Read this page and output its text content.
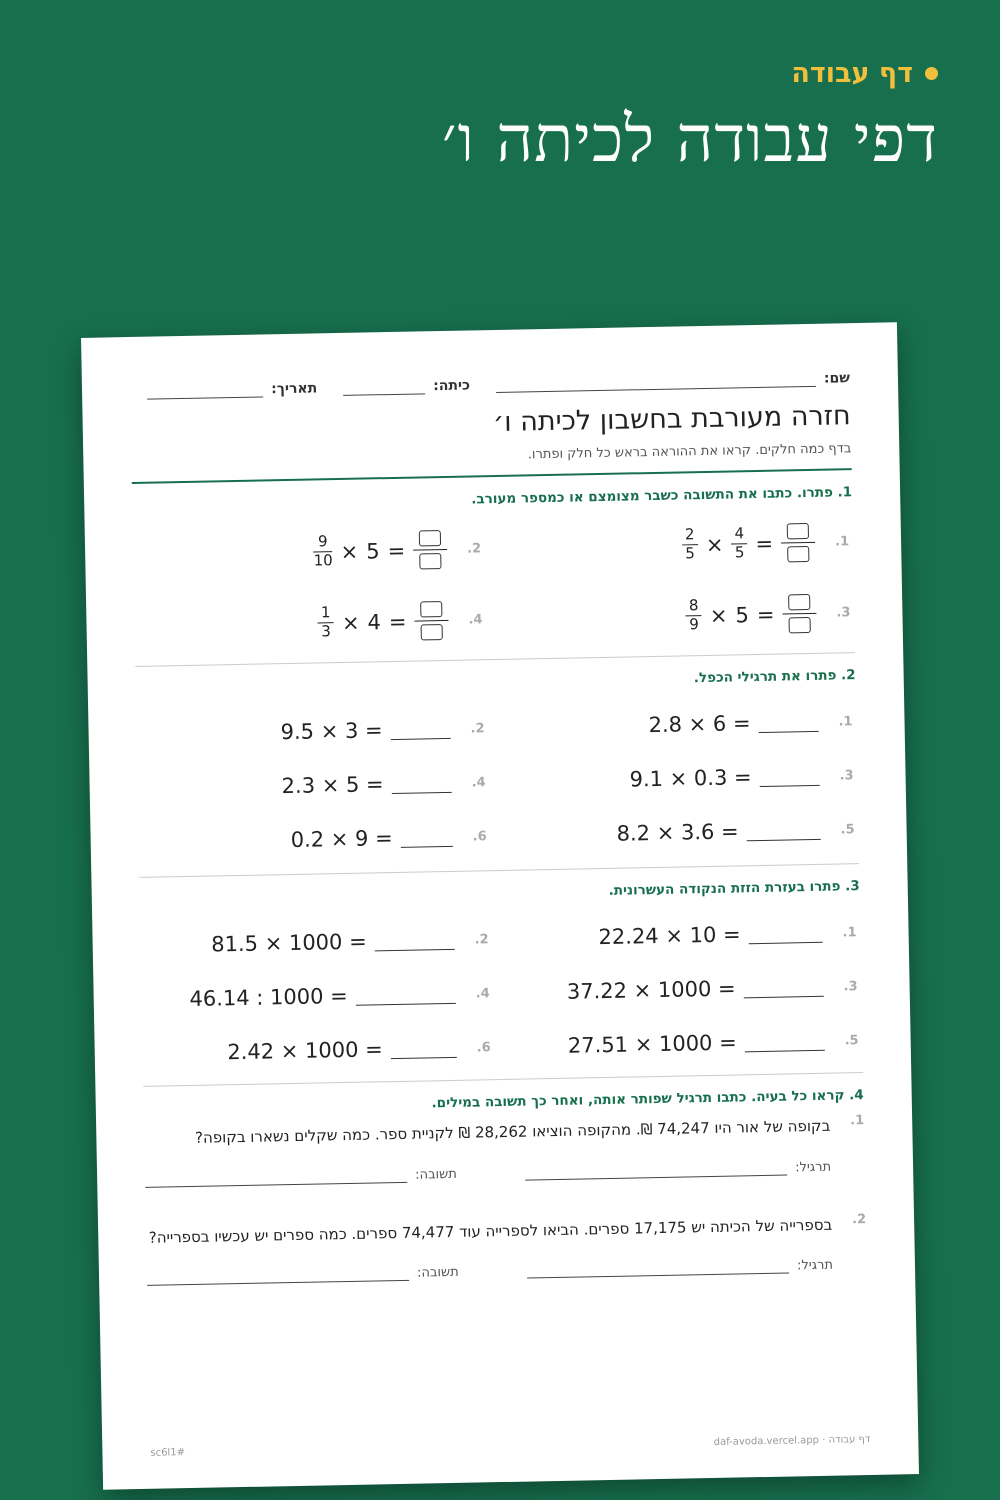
דף עבודה
דפי עבודה לכיתה ו׳
שם:
כיתה:
תאריך:
חזרה מעורבת בחשבון לכיתה ו׳
בדף כמה חלקים. קראו את ההוראה בראש כל חלק ופתרו.
1. פתרו. כתבו את התשובה כשבר מצומצם או כמספר מעורב.
1.
$\frac{2}{5} \times \frac{4}{5}$ =
2.
$\frac{9}{10} \times 5$ =
3.
$\frac{8}{9} \times 5$ =
4.
$\frac{1}{3} \times 4$ =
2. פתרו את תרגילי הכפל.
1.
2.8 × 6 =
2.
9.5 × 3 =
3.
9.1 × 0.3 =
4.
2.3 × 5 =
5.
8.2 × 3.6 =
6.
0.2 × 9 =
3. פתרו בעזרת הזזת הנקודה העשרונית.
1.
22.24 × 10 =
2.
81.5 × 1000 =
3.
37.22 × 1000 =
4.
46.14 : 1000 =
5.
27.51 × 1000 =
6.
2.42 × 1000 =
4. קראו כל בעיה. כתבו תרגיל שפותר אותה, ואחר כך תשובה במילים.
1.
בקופה של אור היו 74,247 ₪. מהקופה הוציאו 28,262 ₪ לקניית ספר. כמה שקלים נשארו בקופה?
תרגיל:
תשובה:
2.
בספרייה של הכיתה יש 17,175 ספרים. הביאו לספרייה עוד 74,477 ספרים. כמה ספרים יש עכשיו בספרייה?
תרגיל:
תשובה:
דף עבודה · daf-avoda.vercel.app
#sc6l1
